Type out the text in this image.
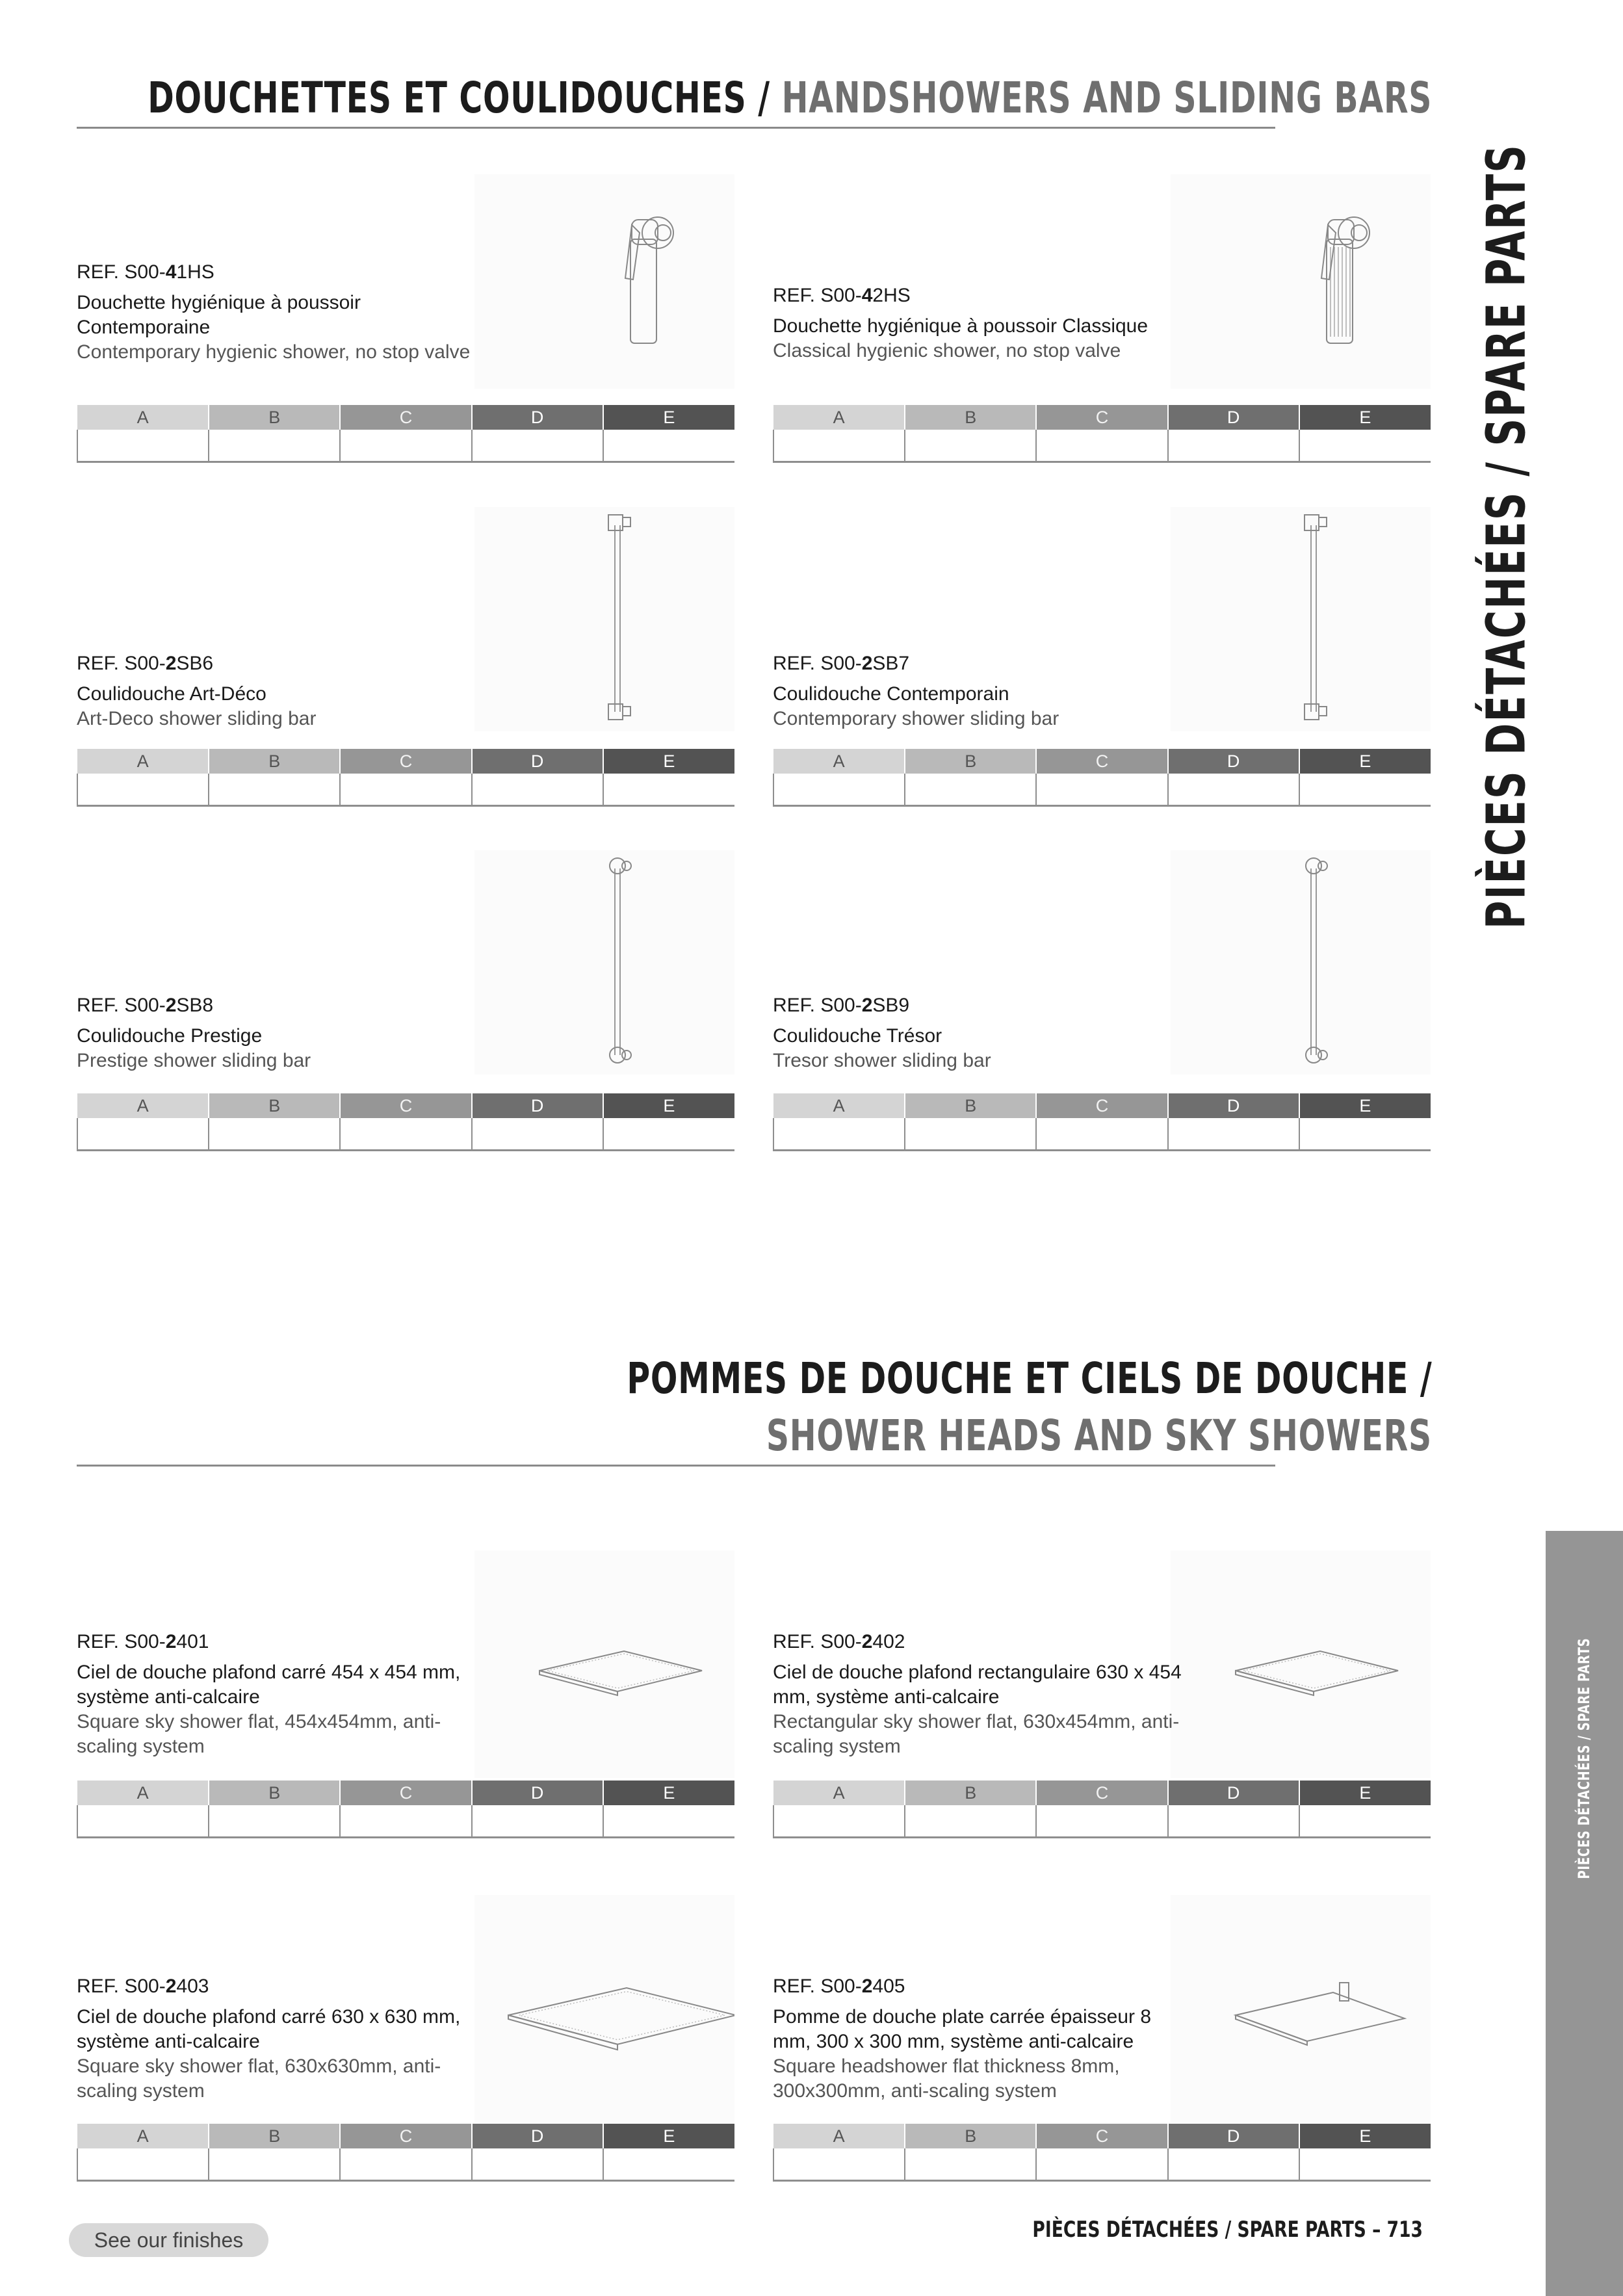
DOUCHETTES ET COULIDOUCHES / HANDSHOWERS AND SLIDING BARS
POMMES DE DOUCHE ET CIELS DE DOUCHE /
SHOWER HEADS AND SKY SHOWERS
REF. S00-41HS
Douchette hygiénique à poussoir Contemporaine
Contemporary hygienic shower, no stop valve
A	B	C	D	E

REF. S00-42HS
Douchette hygiénique à poussoir Classique
Classical hygienic shower, no stop valve
A	B	C	D	E

REF. S00-2SB6
Coulidouche Art-Déco
Art-Deco shower sliding bar
A	B	C	D	E

REF. S00-2SB7
Coulidouche Contemporain
Contemporary shower sliding bar
A	B	C	D	E

REF. S00-2SB8
Coulidouche Prestige
Prestige shower sliding bar
A	B	C	D	E

REF. S00-2SB9
Coulidouche Trésor
Tresor shower sliding bar
A	B	C	D	E

REF. S00-2401
Ciel de douche plafond carré 454 x 454 mm, système anti-calcaire
Square sky shower flat, 454x454mm, anti-scaling system
A	B	C	D	E

REF. S00-2402
Ciel de douche plafond rectangulaire 630 x 454 mm, système anti-calcaire
Rectangular sky shower flat, 630x454mm, anti-scaling system
A	B	C	D	E

REF. S00-2403
Ciel de douche plafond carré 630 x 630 mm, système anti-calcaire
Square sky shower flat, 630x630mm, anti-scaling system
A	B	C	D	E

REF. S00-2405
Pomme de douche plate carrée épaisseur 8 mm, 300 x 300 mm, système anti-calcaire
Square headshower flat thickness 8mm, 300x300mm, anti-scaling system
A	B	C	D	E

PIÈCES DÉTACHÉES / SPARE PARTS
PIÈCES DÉTACHÉES / SPARE PARTS
See our finishes	PIÈCES DÉTACHÉES / SPARE PARTS – 713
